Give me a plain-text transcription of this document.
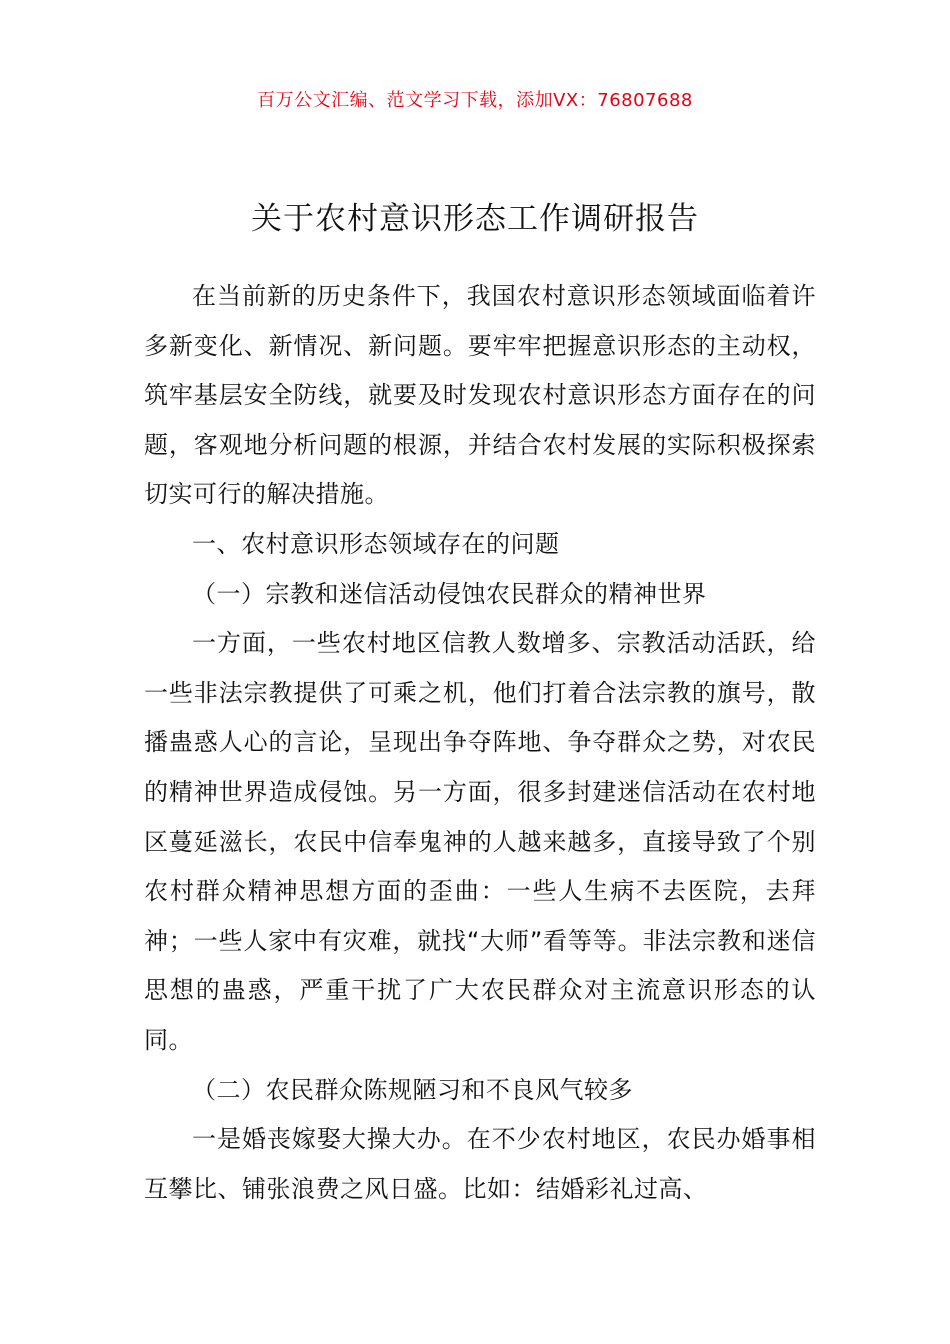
百万公文汇编、范文学习下载，添加VX：76807688
关于农村意识形态工作调研报告

在当前新的历史条件下，我国农村意识形态领域面临着许多新变化、新情况、新问题。要牢牢把握意识形态的主动权，筑牢基层安全防线，就要及时发现农村意识形态方面存在的问题，客观地分析问题的根源，并结合农村发展的实际积极探索切实可行的解决措施。

一、农村意识形态领域存在的问题

（一）宗教和迷信活动侵蚀农民群众的精神世界

一方面，一些农村地区信教人数增多、宗教活动活跃，给一些非法宗教提供了可乘之机，他们打着合法宗教的旗号，散播蛊惑人心的言论，呈现出争夺阵地、争夺群众之势，对农民的精神世界造成侵蚀。另一方面，很多封建迷信活动在农村地区蔓延滋长，农民中信奉鬼神的人越来越多，直接导致了个别农村群众精神思想方面的歪曲：一些人生病不去医院，去拜神；一些人家中有灾难，就找“大师”看等等。非法宗教和迷信思想的蛊惑，严重干扰了广大农民群众对主流意识形态的认同。

（二）农民群众陈规陋习和不良风气较多

一是婚丧嫁娶大操大办。在不少农村地区，农民办婚事相互攀比、铺张浪费之风日盛。比如：结婚彩礼过高、
